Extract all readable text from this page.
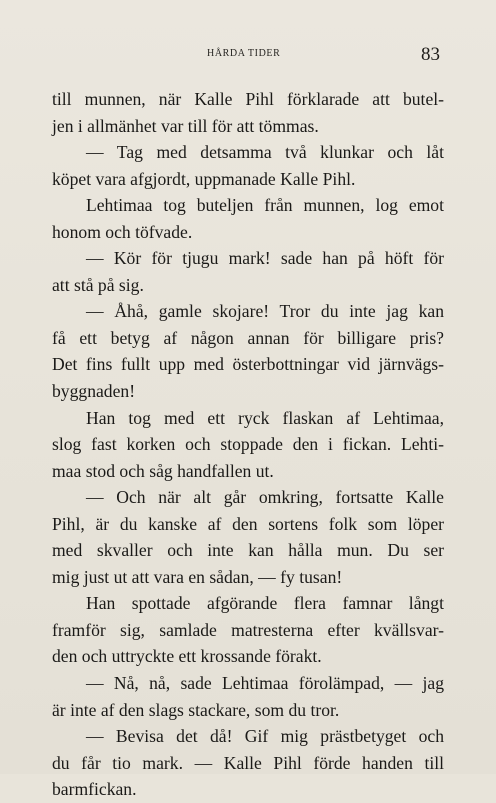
HÅRDA TIDER	83
till munnen, när Kalle Pihl förklarade att butel-
jen i allmänhet var till för att tömmas.
— Tag med detsamma två klunkar och låt
köpet vara afgjordt, uppmanade Kalle Pihl.
Lehtimaa tog buteljen från munnen, log emot
honom och töfvade.
— Kör för tjugu mark! sade han på höft för
att stå på sig.
— Åhå, gamle skojare! Tror du inte jag kan
få ett betyg af någon annan för billigare pris?
Det fins fullt upp med österbottningar vid järnvägs-
byggnaden!
Han tog med ett ryck flaskan af Lehtimaa,
slog fast korken och stoppade den i fickan. Lehti-
maa stod och såg handfallen ut.
— Och när alt går omkring, fortsatte Kalle
Pihl, är du kanske af den sortens folk som löper
med skvaller och inte kan hålla mun. Du ser
mig just ut att vara en sådan, — fy tusan!
Han spottade afgörande flera famnar långt
framför sig, samlade matresterna efter kvällsvar-
den och uttryckte ett krossande förakt.
— Nå, nå, sade Lehtimaa förolämpad, — jag
är inte af den slags stackare, som du tror.
— Bevisa det då! Gif mig prästbetyget och
du får tio mark. — Kalle Pihl förde handen till
barmfickan.
